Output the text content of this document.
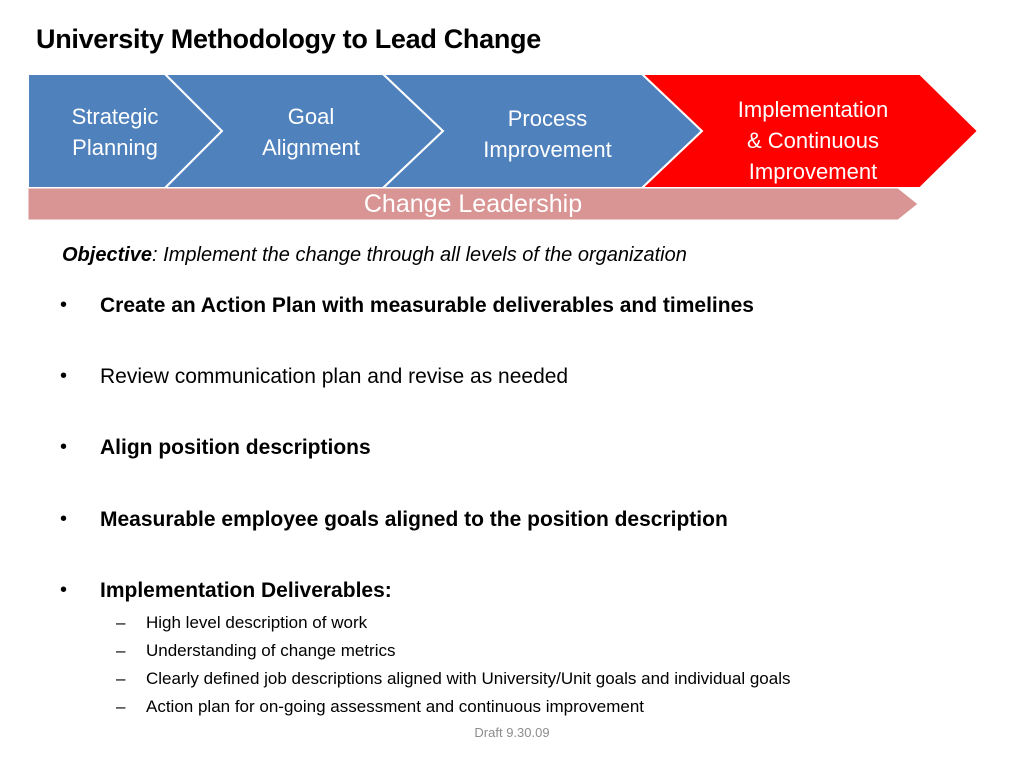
University Methodology to Lead Change
Strategic
Planning
Goal
Alignment
Process
Improvement
Implementation
& Continuous
Improvement
Change Leadership
Objective: Implement the change through all levels of the organization
•	Create an Action Plan with measurable deliverables and timelines
•	Review communication plan and revise as needed
•	Align position descriptions
•	Measurable employee goals aligned to the position description
•	Implementation Deliverables:
–	High level description of work
–	Understanding of change metrics
–	Clearly defined job descriptions aligned with University/Unit goals and individual goals
–	Action plan for on-going assessment and continuous improvement
Draft 9.30.09
